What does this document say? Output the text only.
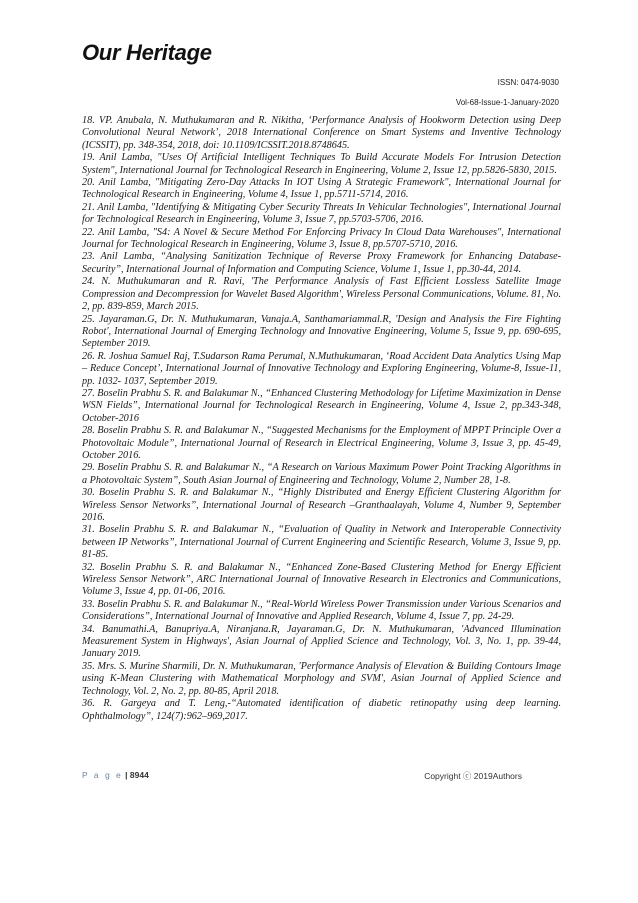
Our Heritage
ISSN: 0474-9030
Vol-68-Issue-1-January-2020

18. VP. Anubala, N. Muthukumaran and R. Nikitha, ‘Performance Analysis of Hookworm Detection using Deep Convolutional Neural Network’, 2018 International Conference on Smart Systems and Inventive Technology (ICSSIT), pp. 348-354, 2018, doi: 10.1109/ICSSIT.2018.8748645.

19. Anil Lamba, "Uses Of Artificial Intelligent Techniques To Build Accurate Models For Intrusion Detection System", International Journal for Technological Research in Engineering, Volume 2, Issue 12, pp.5826-5830, 2015.

20. Anil Lamba, "Mitigating Zero-Day Attacks In IOT Using A Strategic Framework", International Journal for Technological Research in Engineering, Volume 4, Issue 1, pp.5711-5714, 2016.

21. Anil Lamba, "Identifying & Mitigating Cyber Security Threats In Vehicular Technologies", International Journal for Technological Research in Engineering, Volume 3, Issue 7, pp.5703-5706, 2016.

22. Anil Lamba, "S4: A Novel & Secure Method For Enforcing Privacy In Cloud Data Warehouses", International Journal for Technological Research in Engineering, Volume 3, Issue 8, pp.5707-5710, 2016.

23. Anil Lamba, “Analysing Sanitization Technique of Reverse Proxy Framework for Enhancing Database-Security”, International Journal of Information and Computing Science, Volume 1, Issue 1, pp.30-44, 2014.

24. N. Muthukumaran and R. Ravi, 'The Performance Analysis of Fast Efficient Lossless Satellite Image Compression and Decompression for Wavelet Based Algorithm', Wireless Personal Communications, Volume. 81, No. 2, pp. 839-859, March 2015.

25. Jayaraman.G, Dr. N. Muthukumaran, Vanaja.A, Santhamariammal.R, 'Design and Analysis the Fire Fighting Robot', International Journal of Emerging Technology and Innovative Engineering, Volume 5, Issue 9, pp. 690-695, September 2019.

26. R. Joshua Samuel Raj, T.Sudarson Rama Perumal, N.Muthukumaran, ‘Road Accident Data Analytics Using Map – Reduce Concept’, International Journal of Innovative Technology and Exploring Engineering, Volume-8, Issue-11, pp. 1032- 1037, September 2019.

27. Boselin Prabhu S. R. and Balakumar N., “Enhanced Clustering Methodology for Lifetime Maximization in Dense WSN Fields”, International Journal for Technological Research in Engineering, Volume 4, Issue 2, pp.343-348, October-2016

28. Boselin Prabhu S. R. and Balakumar N., “Suggested Mechanisms for the Employment of MPPT Principle Over a Photovoltaic Module”, International Journal of Research in Electrical Engineering, Volume 3, Issue 3, pp. 45-49, October 2016.

29. Boselin Prabhu S. R. and Balakumar N., “A Research on Various Maximum Power Point Tracking Algorithms in a Photovoltaic System”, South Asian Journal of Engineering and Technology, Volume 2, Number 28, 1-8.

30. Boselin Prabhu S. R. and Balakumar N., “Highly Distributed and Energy Efficient Clustering Algorithm for Wireless Sensor Networks”, International Journal of Research –Granthaalayah, Volume 4, Number 9, September 2016.

31. Boselin Prabhu S. R. and Balakumar N., “Evaluation of Quality in Network and Interoperable Connectivity between IP Networks”, International Journal of Current Engineering and Scientific Research, Volume 3, Issue 9, pp. 81-85.

32. Boselin Prabhu S. R. and Balakumar N., “Enhanced Zone-Based Clustering Method for Energy Efficient Wireless Sensor Network”, ARC International Journal of Innovative Research in Electronics and Communications, Volume 3, Issue 4, pp. 01-06, 2016.

33. Boselin Prabhu S. R. and Balakumar N., “Real-World Wireless Power Transmission under Various Scenarios and Considerations”, International Journal of Innovative and Applied Research, Volume 4, Issue 7, pp. 24-29.

34. Banumathi.A, Banupriya.A, Niranjana.R, Jayaraman.G, Dr. N. Muthukumaran, 'Advanced Illumination Measurement System in Highways', Asian Journal of Applied Science and Technology, Vol. 3, No. 1, pp. 39-44, January 2019.

35. Mrs. S. Murine Sharmili, Dr. N. Muthukumaran, 'Performance Analysis of Elevation & Building Contours Image using K-Mean Clustering with Mathematical Morphology and SVM', Asian Journal of Applied Science and Technology, Vol. 2, No. 2, pp. 80-85, April 2018.

36. R. Gargeya and T. Leng,-“Automated identification of diabetic retinopathy using deep learning. Ophthalmology”, 124(7):962–969,2017.

P a g e | 8944	Copyright ⓒ 2019Authors
